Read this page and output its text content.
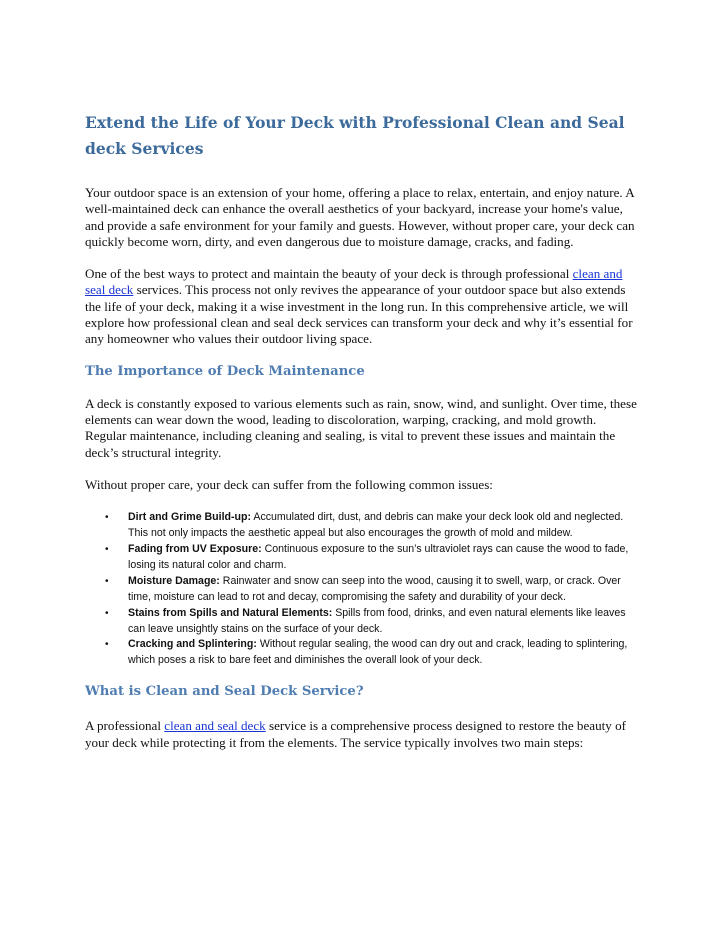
Extend the Life of Your Deck with Professional Clean and Seal deck Services

Your outdoor space is an extension of your home, offering a place to relax, entertain, and enjoy nature. A well-maintained deck can enhance the overall aesthetics of your backyard, increase your home's value, and provide a safe environment for your family and guests. However, without proper care, your deck can quickly become worn, dirty, and even dangerous due to moisture damage, cracks, and fading.

One of the best ways to protect and maintain the beauty of your deck is through professional clean and seal deck services. This process not only revives the appearance of your outdoor space but also extends the life of your deck, making it a wise investment in the long run. In this comprehensive article, we will explore how professional clean and seal deck services can transform your deck and why it’s essential for any homeowner who values their outdoor living space.

The Importance of Deck Maintenance

A deck is constantly exposed to various elements such as rain, snow, wind, and sunlight. Over time, these elements can wear down the wood, leading to discoloration, warping, cracking, and mold growth. Regular maintenance, including cleaning and sealing, is vital to prevent these issues and maintain the deck’s structural integrity.

Without proper care, your deck can suffer from the following common issues:

• Dirt and Grime Build-up: Accumulated dirt, dust, and debris can make your deck look old and neglected. This not only impacts the aesthetic appeal but also encourages the growth of mold and mildew.
• Fading from UV Exposure: Continuous exposure to the sun’s ultraviolet rays can cause the wood to fade, losing its natural color and charm.
• Moisture Damage: Rainwater and snow can seep into the wood, causing it to swell, warp, or crack. Over time, moisture can lead to rot and decay, compromising the safety and durability of your deck.
• Stains from Spills and Natural Elements: Spills from food, drinks, and even natural elements like leaves can leave unsightly stains on the surface of your deck.
• Cracking and Splintering: Without regular sealing, the wood can dry out and crack, leading to splintering, which poses a risk to bare feet and diminishes the overall look of your deck.
What is Clean and Seal Deck Service?

A professional clean and seal deck service is a comprehensive process designed to restore the beauty of your deck while protecting it from the elements. The service typically involves two main steps:
